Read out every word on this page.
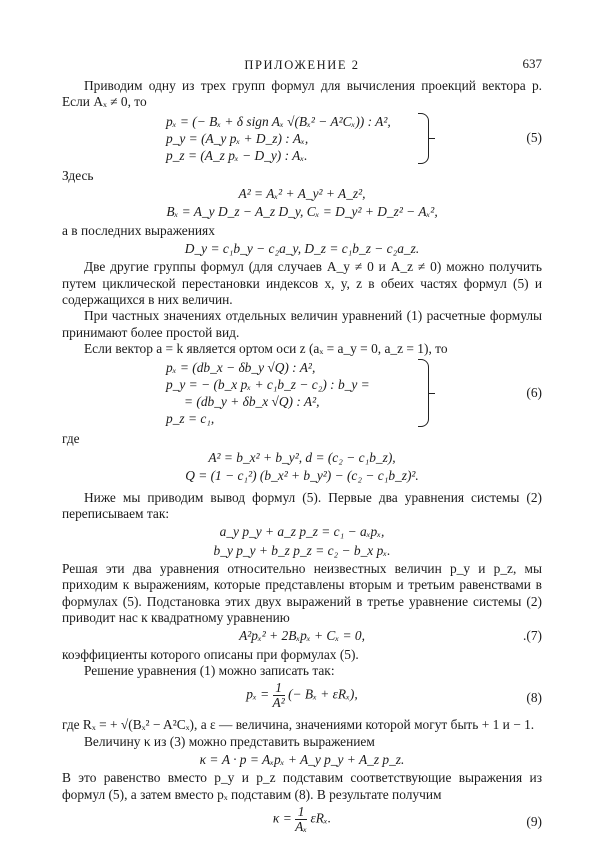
ПРИЛОЖЕНИЕ 2	637

Приводим одну из трех групп формул для вычисления проекций вектора p. Если Aₓ ≠ 0, то

pₓ = (− Bₓ + δ sign Aₓ √(Bₓ² − A²Cₓ)) : A²,
p_y = (A_y pₓ + D_z) : Aₓ,
p_z = (A_z pₓ − D_y) : Aₓ.
(5)

Здесь

A² = Aₓ² + A_y² + A_z²,
Bₓ = A_y D_z − A_z D_y, Cₓ = D_y² + D_z² − Aₓ²,

а в последних выражениях

D_y = c₁b_y − c₂a_y, D_z = c₁b_z − c₂a_z.

Две другие группы формул (для случаев A_y ≠ 0 и A_z ≠ 0) можно получить путем циклической перестановки индексов x, y, z в обеих частях формул (5) и содержащихся в них величин.

При частных значениях отдельных величин уравнений (1) расчетные формулы принимают более простой вид.

Если вектор a = k является ортом оси z (aₓ = a_y = 0, a_z = 1), то

pₓ = (db_x − δb_y √Q) : A²,
p_y = − (b_x pₓ + c₁b_z − c₂) : b_y =
= (db_y + δb_x √Q) : A²,
p_z = c₁,
(6)

где

A² = b_x² + b_y², d = (c₂ − c₁b_z),
Q = (1 − c₁²) (b_x² + b_y²) − (c₂ − c₁b_z)².

Ниже мы приводим вывод формул (5). Первые два уравнения системы (2) переписываем так:

a_y p_y + a_z p_z = c₁ − aₓpₓ,
b_y p_y + b_z p_z = c₂ − b_x pₓ.

Решая эти два уравнения относительно неизвестных величин p_y и p_z, мы приходим к выражениям, которые представлены вторым и третьим равенствами в формулах (5). Подстановка этих двух выражений в третье уравнение системы (2) приводит нас к квадратному уравнению

A²pₓ² + 2Bₓpₓ + Cₓ = 0,	.(7)

коэффициенты которого описаны при формулах (5).

Решение уравнения (1) можно записать так:

$p_x = \frac{1}{\text{A²}}$ (− Bₓ + εRₓ),	(8)

где Rₓ = + √(Bₓ² − A²Cₓ), а ε — величина, значениями которой могут быть + 1 и − 1.

Величину κ из (3) можно представить выражением

κ = A · p = Aₓpₓ + A_y p_y + A_z p_z.

В это равенство вместо p_y и p_z подставим соответствующие выражения из формул (5), а затем вместо pₓ подставим (8). В результате получим

$\kappa = \frac{1}{\text{Aₓ}} \varepsilon R_x$.	(9)
